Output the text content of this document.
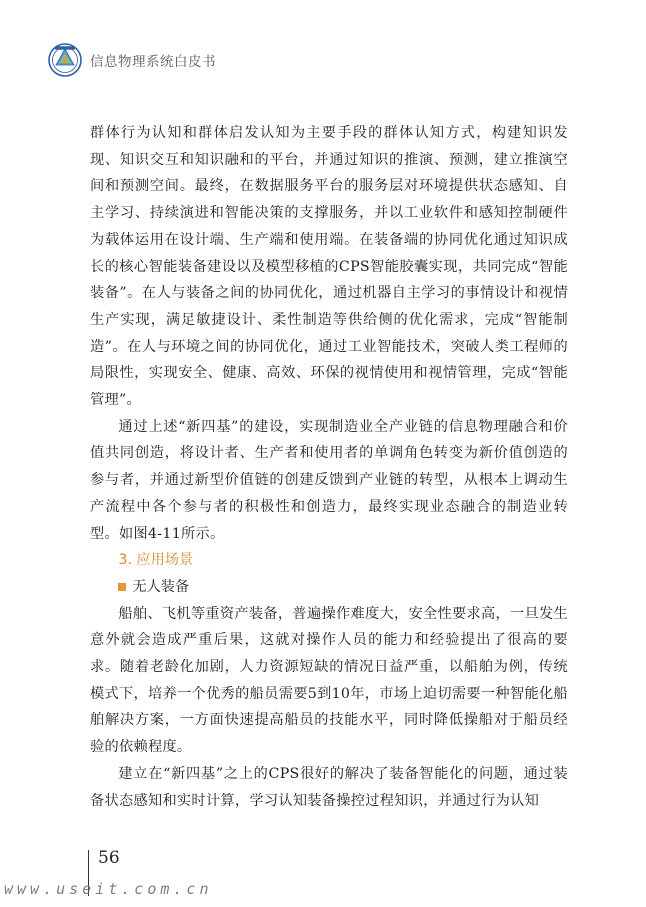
信息物理系统白皮书

群体行为认知和群体启发认知为主要手段的群体认知方式，构建知识发现、知识交互和知识融和的平台，并通过知识的推演、预测，建立推演空间和预测空间。最终，在数据服务平台的服务层对环境提供状态感知、自主学习、持续演进和智能决策的支撑服务，并以工业软件和感知控制硬件为载体运用在设计端、生产端和使用端。在装备端的协同优化通过知识成长的核心智能装备建设以及模型移植的CPS智能胶囊实现，共同完成“智能装备”。在人与装备之间的协同优化，通过机器自主学习的事情设计和视情生产实现，满足敏捷设计、柔性制造等供给侧的优化需求，完成“智能制造”。在人与环境之间的协同优化，通过工业智能技术，突破人类工程师的局限性，实现安全、健康、高效、环保的视情使用和视情管理，完成“智能管理”。

通过上述“新四基”的建设，实现制造业全产业链的信息物理融合和价值共同创造，将设计者、生产者和使用者的单调角色转变为新价值创造的参与者，并通过新型价值链的创建反馈到产业链的转型，从根本上调动生产流程中各个参与者的积极性和创造力，最终实现业态融合的制造业转型。如图4-11所示。

3. 应用场景

无人装备

船舶、飞机等重资产装备，普遍操作难度大，安全性要求高，一旦发生意外就会造成严重后果，这就对操作人员的能力和经验提出了很高的要求。随着老龄化加剧，人力资源短缺的情况日益严重，以船舶为例，传统模式下，培养一个优秀的船员需要5到10年，市场上迫切需要一种智能化船舶解决方案，一方面快速提高船员的技能水平，同时降低操船对于船员经验的依赖程度。

建立在“新四基”之上的CPS很好的解决了装备智能化的问题，通过装备状态感知和实时计算，学习认知装备操控过程知识，并通过行为认知

56
www.useit.com.cn
